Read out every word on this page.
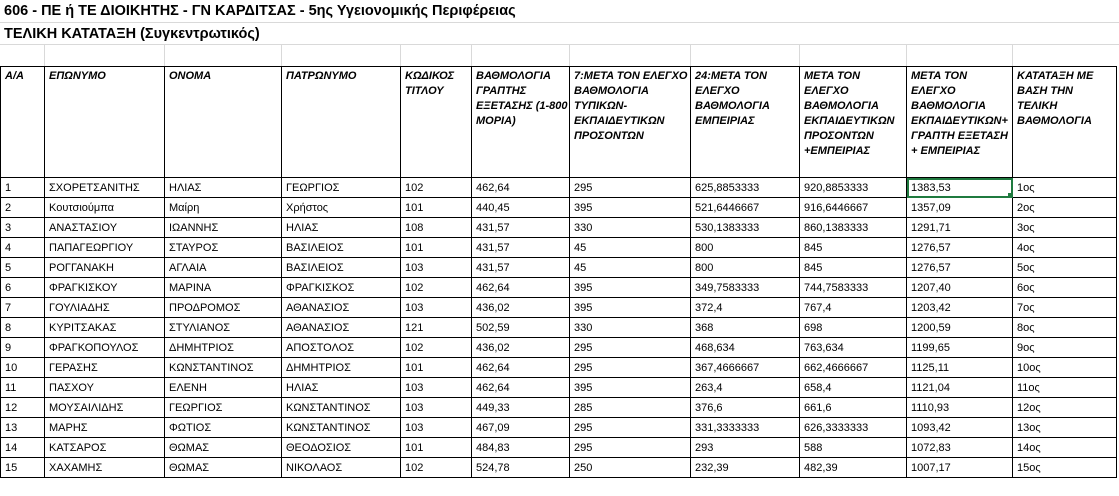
606 - ΠΕ ή ΤΕ ΔΙΟΙΚΗΤΗΣ - ΓΝ ΚΑΡΔΙΤΣΑΣ - 5ης Υγειονομικής Περιφέρειας
ΤΕΛΙΚΗ ΚΑΤΑΤΑΞΗ (Συγκεντρωτικός)
Α/Α	ΕΠΩΝΥΜΟ	ΟΝΟΜΑ	ΠΑΤΡΩΝΥΜΟ	ΚΩΔΙΚΟΣ ΤΙΤΛΟΥ	ΒΑΘΜΟΛΟΓΙΑ ΓΡΑΠΤΗΣ ΕΞΕΤΑΣΗΣ (1-800 ΜΟΡΙΑ)	7:ΜΕΤΑ ΤΟΝ ΕΛΕΓΧΟ ΒΑΘΜΟΛΟΓΙΑ ΤΥΠΙΚΩΝ-ΕΚΠΑΙΔΕΥΤΙΚΩΝ ΠΡΟΣΟΝΤΩΝ	24:ΜΕΤΑ ΤΟΝ ΕΛΕΓΧΟ ΒΑΘΜΟΛΟΓΙΑ ΕΜΠΕΙΡΙΑΣ	ΜΕΤΑ ΤΟΝ ΕΛΕΓΧΟ ΒΑΘΜΟΛΟΓΙΑ ΕΚΠΑΙΔΕΥΤΙΚΩΝ ΠΡΟΣΟΝΤΩΝ +ΕΜΠΕΙΡΙΑΣ	ΜΕΤΑ ΤΟΝ ΕΛΕΓΧΟ ΒΑΘΜΟΛΟΓΙΑ ΕΚΠΑΙΔΕΥΤΙΚΩΝ+ ΓΡΑΠΤΗ ΕΞΕΤΑΣΗ + ΕΜΠΕΙΡΙΑΣ	ΚΑΤΑΤΑΞΗ ΜΕ ΒΑΣΗ ΤΗΝ ΤΕΛΙΚΗ ΒΑΘΜΟΛΟΓΙΑ
1	ΣΧΟΡΕΤΣΑΝΙΤΗΣ	ΗΛΙΑΣ	ΓΕΩΡΓΙΟΣ	102	462,64	295	625,8853333	920,8853333	1383,53	1ος
2	Κουτσιούμπα	Μαίρη	Χρήστος	101	440,45	395	521,6446667	916,6446667	1357,09	2ος
3	ΑΝΑΣΤΑΣΙΟΥ	ΙΩΑΝΝΗΣ	ΗΛΙΑΣ	108	431,57	330	530,1383333	860,1383333	1291,71	3ος
4	ΠΑΠΑΓΕΩΡΓΙΟΥ	ΣΤΑΥΡΟΣ	ΒΑΣΙΛΕΙΟΣ	101	431,57	45	800	845	1276,57	4ος
5	ΡΟΓΓΑΝΑΚΗ	ΑΓΛΑΙΑ	ΒΑΣΙΛΕΙΟΣ	103	431,57	45	800	845	1276,57	5ος
6	ΦΡΑΓΚΙΣΚΟΥ	ΜΑΡΙΝΑ	ΦΡΑΓΚΙΣΚΟΣ	102	462,64	395	349,7583333	744,7583333	1207,40	6ος
7	ΓΟΥΛΙΑΔΗΣ	ΠΡΟΔΡΟΜΟΣ	ΑΘΑΝΑΣΙΟΣ	103	436,02	395	372,4	767,4	1203,42	7ος
8	ΚΥΡΙΤΣΑΚΑΣ	ΣΤΥΛΙΑΝΟΣ	ΑΘΑΝΑΣΙΟΣ	121	502,59	330	368	698	1200,59	8ος
9	ΦΡΑΓΚΟΠΟΥΛΟΣ	ΔΗΜΗΤΡΙΟΣ	ΑΠΟΣΤΟΛΟΣ	102	436,02	295	468,634	763,634	1199,65	9ος
10	ΓΕΡΑΣΗΣ	ΚΩΝΣΤΑΝΤΙΝΟΣ	ΔΗΜΗΤΡΙΟΣ	101	462,64	295	367,4666667	662,4666667	1125,11	10ος
11	ΠΑΣΧΟΥ	ΕΛΕΝΗ	ΗΛΙΑΣ	103	462,64	395	263,4	658,4	1121,04	11ος
12	ΜΟΥΣΑΙΛΙΔΗΣ	ΓΕΩΡΓΙΟΣ	ΚΩΝΣΤΑΝΤΙΝΟΣ	103	449,33	285	376,6	661,6	1110,93	12ος
13	ΜΑΡΗΣ	ΦΩΤΙΟΣ	ΚΩΝΣΤΑΝΤΙΝΟΣ	103	467,09	295	331,3333333	626,3333333	1093,42	13ος
14	ΚΑΤΣΑΡΟΣ	ΘΩΜΑΣ	ΘΕΟΔΟΣΙΟΣ	101	484,83	295	293	588	1072,83	14ος
15	ΧΑΧΑΜΗΣ	ΘΩΜΑΣ	ΝΙΚΟΛΑΟΣ	102	524,78	250	232,39	482,39	1007,17	15ος
